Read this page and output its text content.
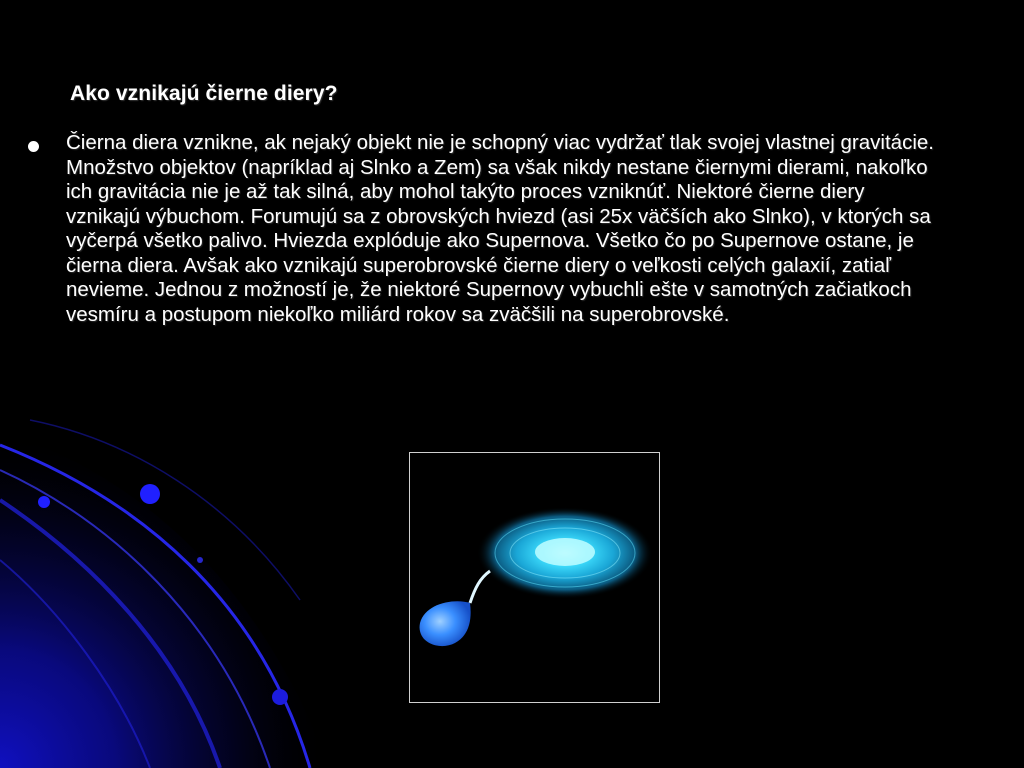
Ako vznikajú čierne diery?
Čierna diera vznikne, ak nejaký objekt nie je schopný viac vydržať tlak svojej vlastnej gravitácie. Množstvo objektov (napríklad aj Slnko a Zem) sa však nikdy nestane čiernymi dierami, nakoľko ich gravitácia nie je až tak silná, aby mohol takýto proces vzniknúť. Niektoré čierne diery vznikajú výbuchom. Forumujú sa z obrovských hviezd (asi 25x väčších ako Slnko), v ktorých sa vyčerpá všetko palivo. Hviezda explóduje ako Supernova. Všetko čo po Supernove ostane, je čierna diera. Avšak ako vznikajú superobrovské čierne diery o veľkosti celých galaxií, zatiaľ nevieme. Jednou z možností je, že niektoré Supernovy vybuchli ešte v samotných začiatkoch vesmíru a postupom niekoľko miliárd rokov sa zväčšili na superobrovské.
